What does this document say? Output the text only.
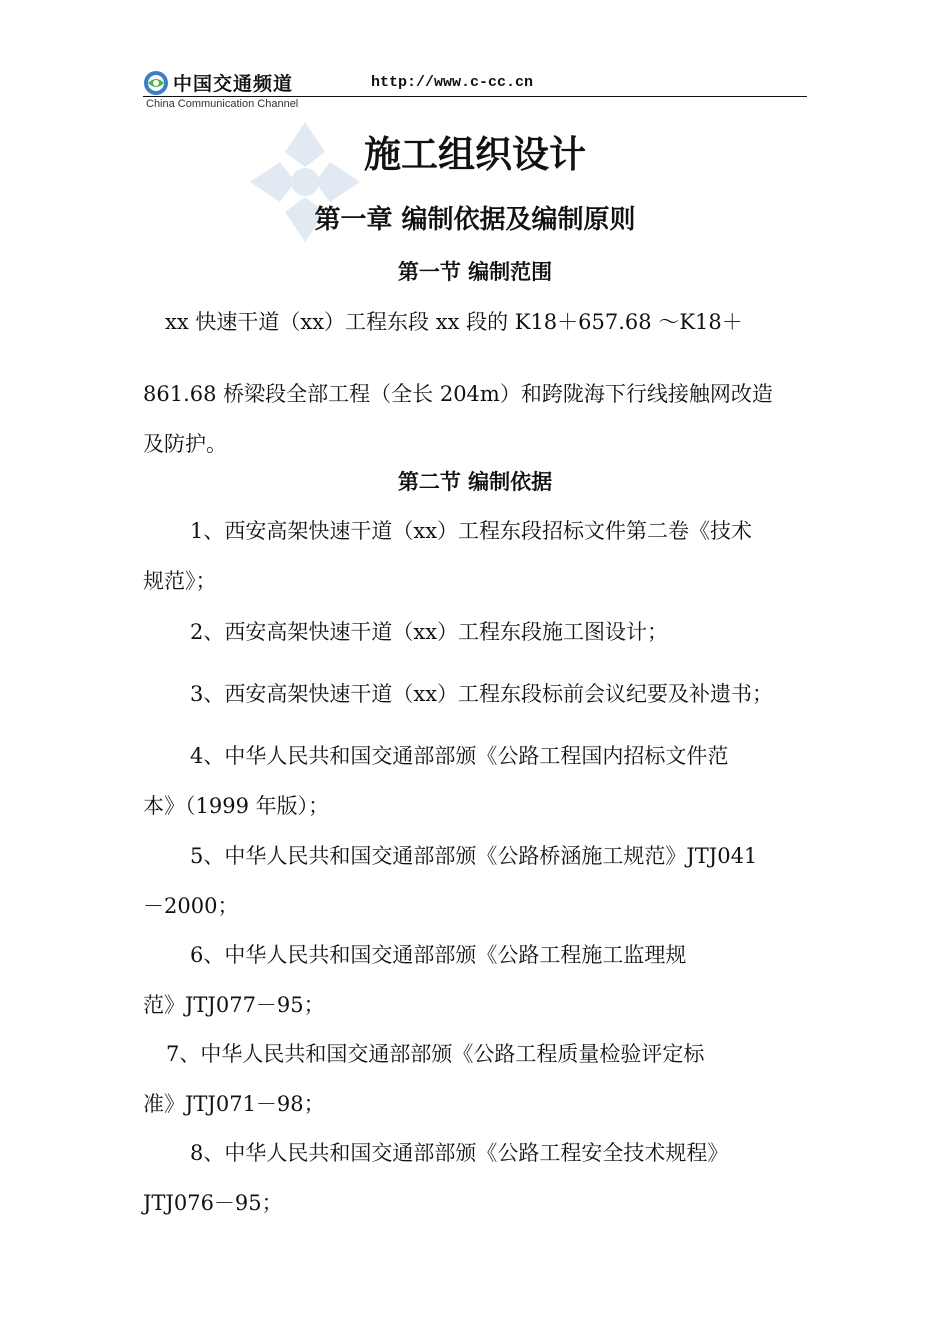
中国交通频道
China Communication Channel
http://www.c-cc.cn
施工组织设计
第一章 编制依据及编制原则
第一节 编制范围
xx 快速干道（xx）工程东段 xx 段的 K18＋657.68 ～K18＋
861.68 桥梁段全部工程（全长 204m）和跨陇海下行线接触网改造
及防护。
第二节 编制依据
1、西安高架快速干道（xx）工程东段招标文件第二卷《技术
规范》；
2、西安高架快速干道（xx）工程东段施工图设计；
3、西安高架快速干道（xx）工程东段标前会议纪要及补遗书；
4、中华人民共和国交通部部颁《公路工程国内招标文件范
本》（1999 年版）；
5、中华人民共和国交通部部颁《公路桥涵施工规范》JTJ041
－2000；
6、中华人民共和国交通部部颁《公路工程施工监理规
范》JTJ077－95；
7、中华人民共和国交通部部颁《公路工程质量检验评定标
准》JTJ071－98；
8、中华人民共和国交通部部颁《公路工程安全技术规程》
JTJ076－95；
